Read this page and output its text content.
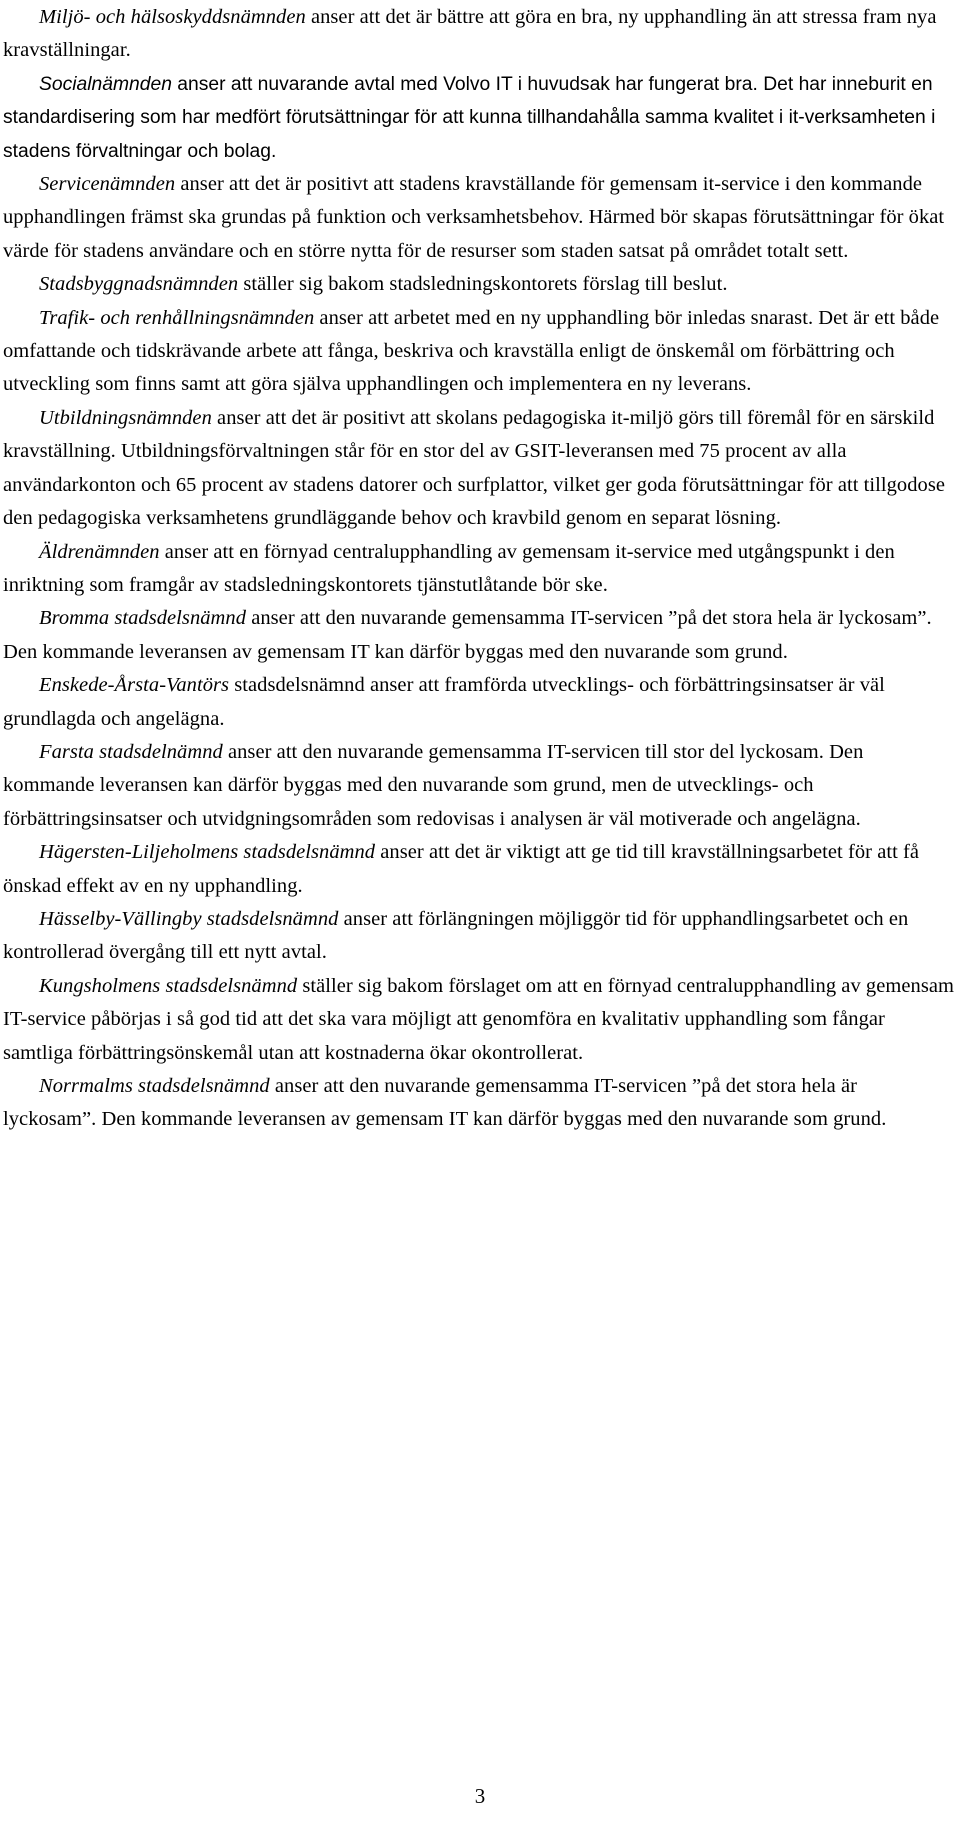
Miljö- och hälsoskyddsnämnden anser att det är bättre att göra en bra, ny upphandling än att stressa fram nya kravställningar.

Socialnämnden anser att nuvarande avtal med Volvo IT i huvudsak har fungerat bra. Det har inneburit en standardisering som har medfört förutsättningar för att kunna tillhandahålla samma kvalitet i it-verksamheten i stadens förvaltningar och bolag.

Servicenämnden anser att det är positivt att stadens kravställande för gemensam it-service i den kommande upphandlingen främst ska grundas på funktion och verksamhetsbehov. Härmed bör skapas förutsättningar för ökat värde för stadens användare och en större nytta för de resurser som staden satsat på området totalt sett.

Stadsbyggnadsnämnden ställer sig bakom stadsledningskontorets förslag till beslut.

Trafik- och renhållningsnämnden anser att arbetet med en ny upphandling bör inledas snarast. Det är ett både omfattande och tidskrävande arbete att fånga, beskriva och kravställa enligt de önskemål om förbättring och utveckling som finns samt att göra själva upphandlingen och implementera en ny leverans.

Utbildningsnämnden anser att det är positivt att skolans pedagogiska it-miljö görs till föremål för en särskild kravställning. Utbildningsförvaltningen står för en stor del av GSIT-leveransen med 75 procent av alla användarkonton och 65 procent av stadens datorer och surfplattor, vilket ger goda förutsättningar för att tillgodose den pedagogiska verksamhetens grundläggande behov och kravbild genom en separat lösning.

Äldrenämnden anser att en förnyad centralupphandling av gemensam it-service med utgångspunkt i den inriktning som framgår av stadsledningskontorets tjänstutlåtande bör ske.

Bromma stadsdelsnämnd anser att den nuvarande gemensamma IT-servicen ”på det stora hela är lyckosam”. Den kommande leveransen av gemensam IT kan därför byggas med den nuvarande som grund.

Enskede-Årsta-Vantörs stadsdelsnämnd anser att framförda utvecklings- och förbättringsinsatser är väl grundlagda och angelägna.

Farsta stadsdelnämnd anser att den nuvarande gemensamma IT-servicen till stor del lyckosam. Den kommande leveransen kan därför byggas med den nuvarande som grund, men de utvecklings- och förbättringsinsatser och utvidgningsområden som redovisas i analysen är väl motiverade och angelägna.

Hägersten-Liljeholmens stadsdelsnämnd anser att det är viktigt att ge tid till kravställningsarbetet för att få önskad effekt av en ny upphandling.

Hässelby-Vällingby stadsdelsnämnd anser att förlängningen möjliggör tid för upphandlingsarbetet och en kontrollerad övergång till ett nytt avtal.

Kungsholmens stadsdelsnämnd ställer sig bakom förslaget om att en förnyad centralupphandling av gemensam IT-service påbörjas i så god tid att det ska vara möjligt att genomföra en kvalitativ upphandling som fångar samtliga förbättringsönskemål utan att kostnaderna ökar okontrollerat.

Norrmalms stadsdelsnämnd anser att den nuvarande gemensamma IT-servicen ”på det stora hela är lyckosam”. Den kommande leveransen av gemensam IT kan därför byggas med den nuvarande som grund.

3
